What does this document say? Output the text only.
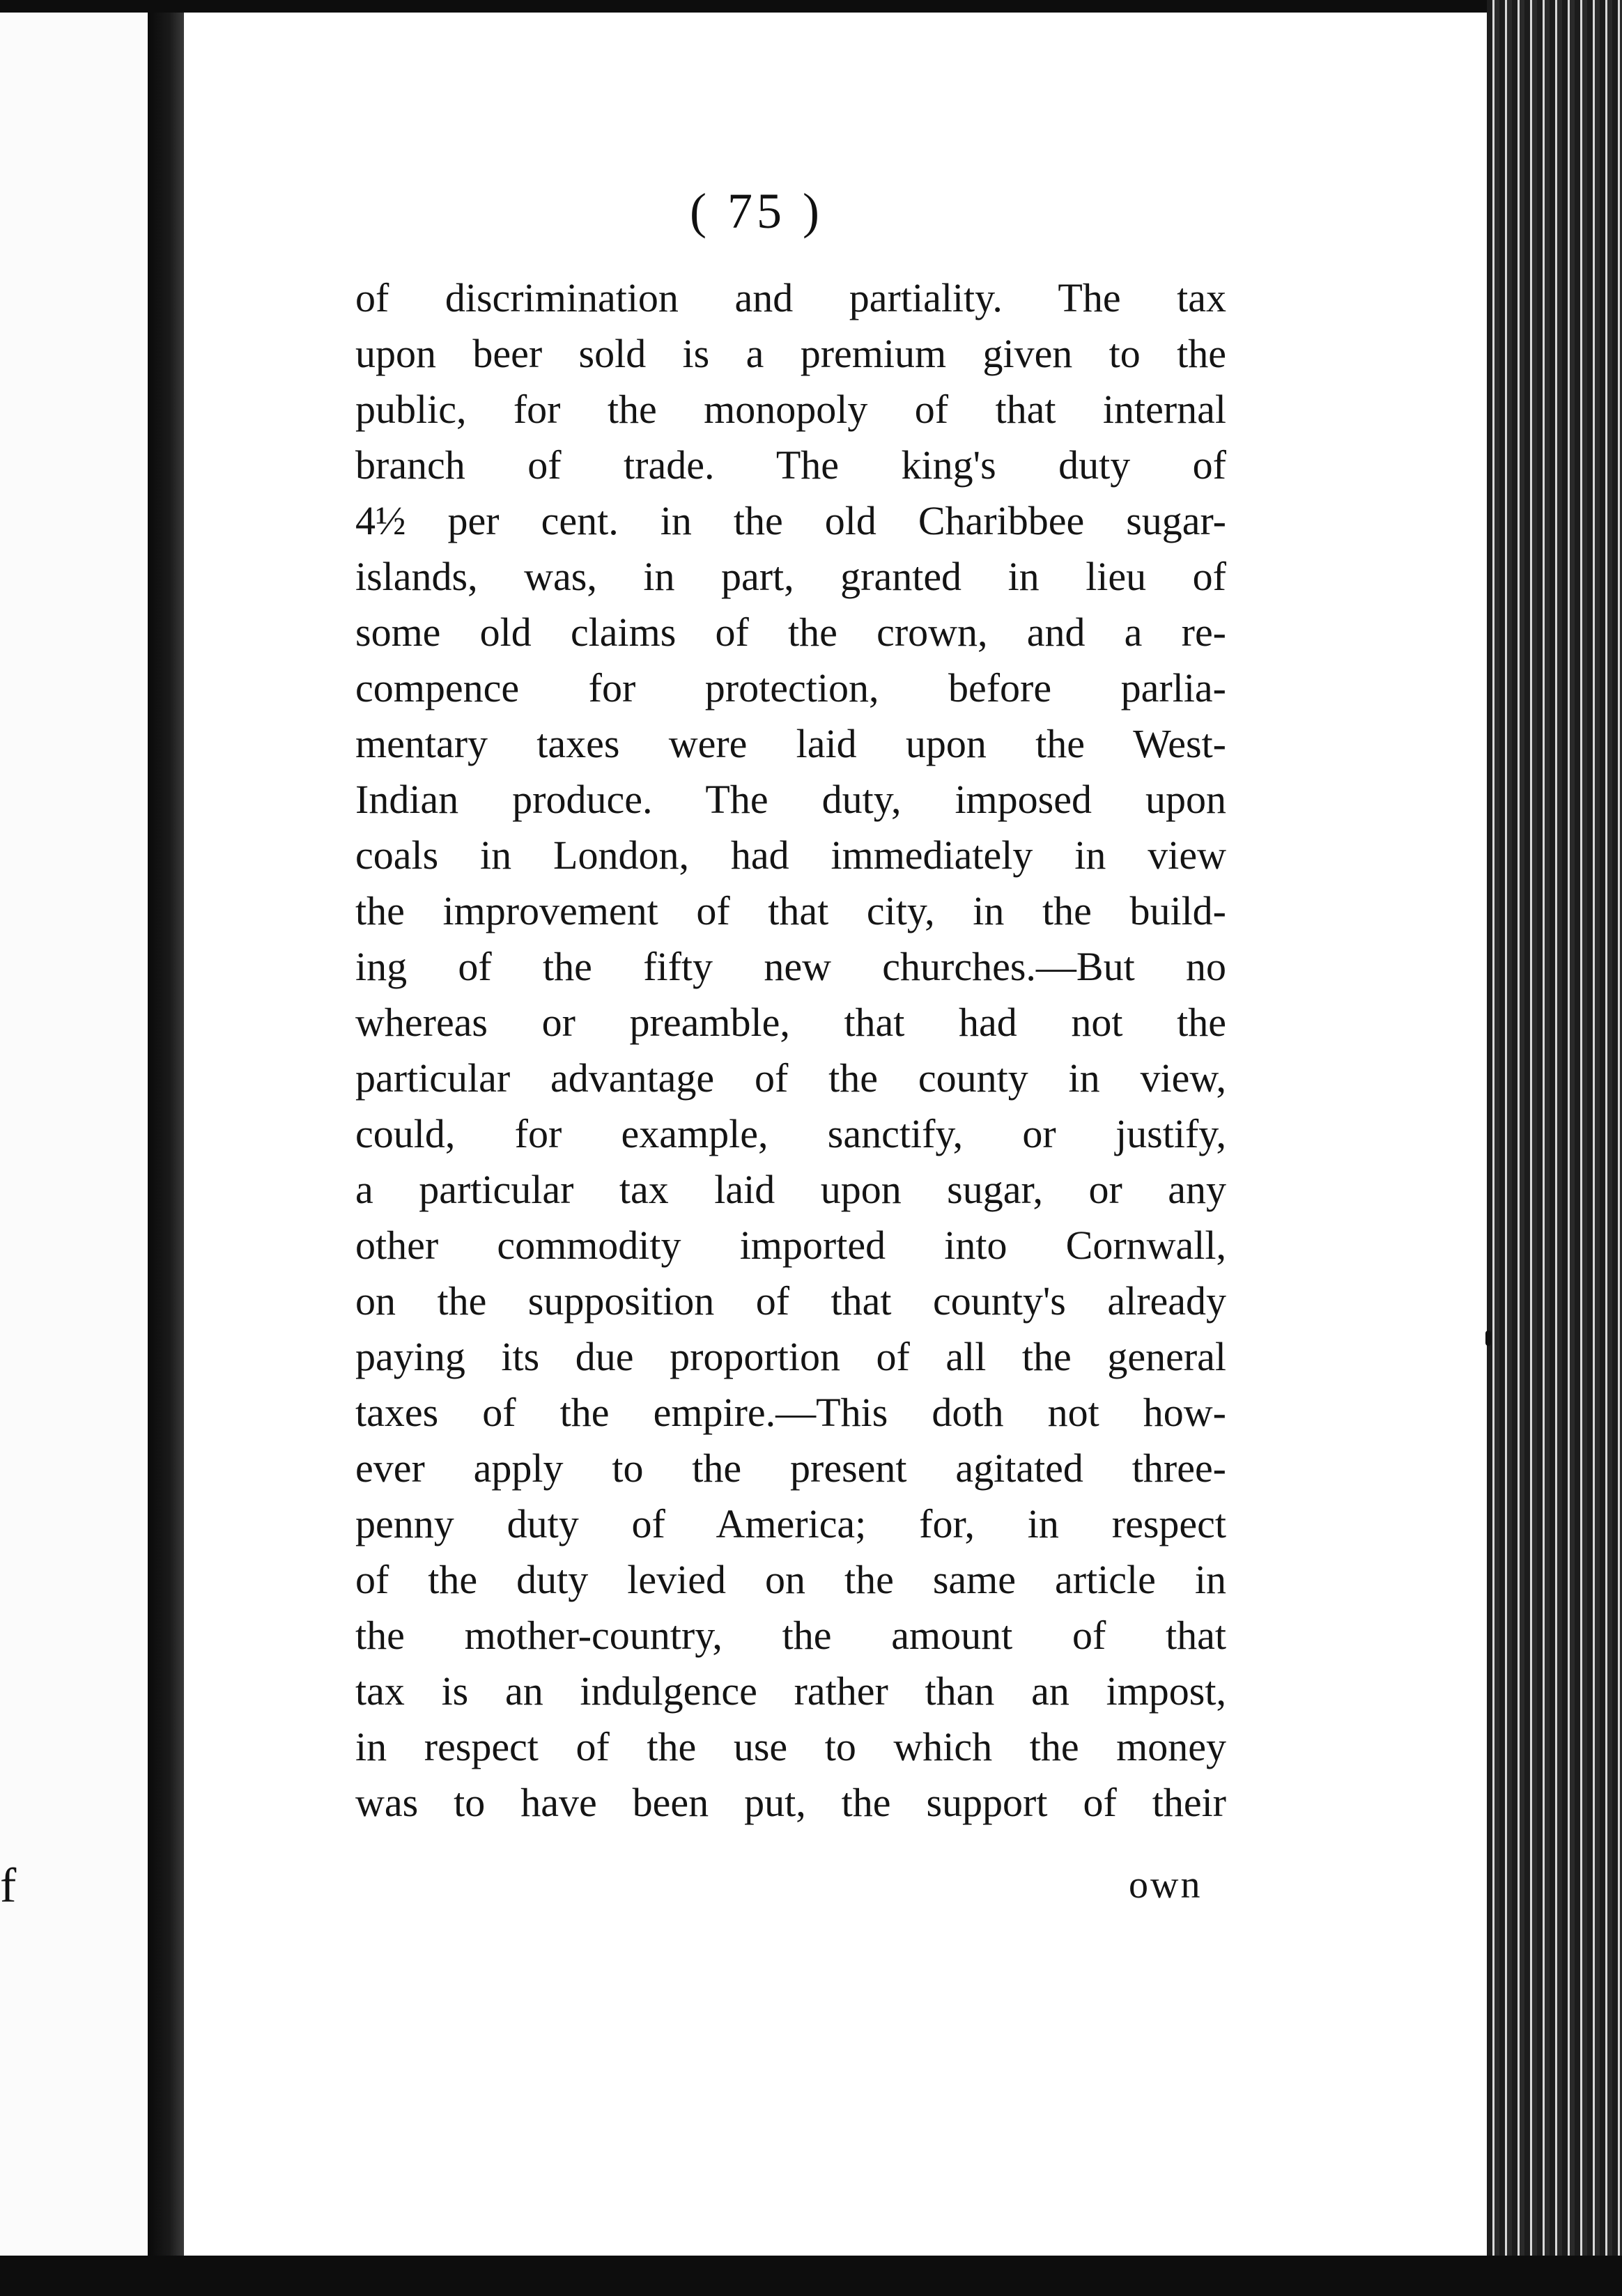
f
( 75 )
of discrimination and partiality. The tax
upon beer sold is a premium given to the
public, for the monopoly of that internal
branch of trade. The king's duty of
4½ per cent. in the old Charibbee sugar-
islands, was, in part, granted in lieu of
some old claims of the crown, and a re-
compence for protection, before parlia-
mentary taxes were laid upon the West-
Indian produce. The duty, imposed upon
coals in London, had immediately in view
the improvement of that city, in the build-
ing of the fifty new churches.—But no
whereas or preamble, that had not the
particular advantage of the county in view,
could, for example, sanctify, or justify,
a particular tax laid upon sugar, or any
other commodity imported into Cornwall,
on the supposition of that county's already
paying its due proportion of all the general
taxes of the empire.—This doth not how-
ever apply to the present agitated three-
penny duty of America; for, in respect
of the duty levied on the same article in
the mother-country, the amount of that
tax is an indulgence rather than an impost,
in respect of the use to which the money
was to have been put, the support of their
own
